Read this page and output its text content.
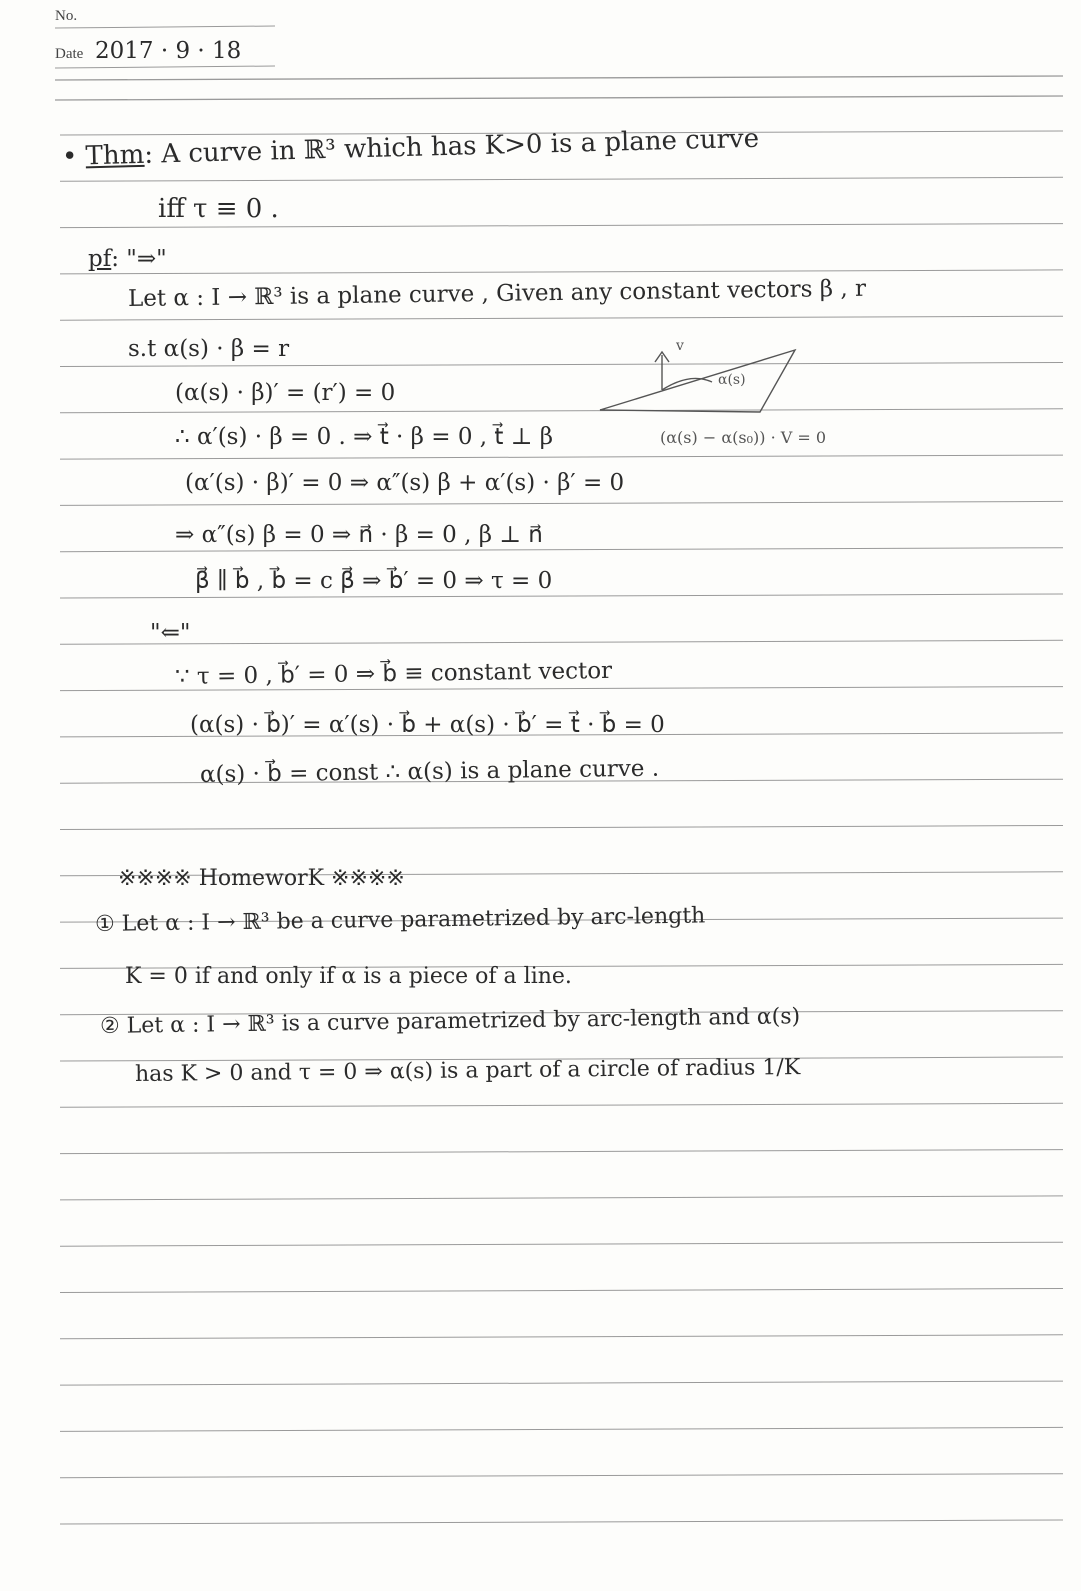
No.
Date 2017 · 9 · 18
• Thm: A curve in ℝ³ which has K>0 is a plane curve
iff τ ≡ 0 .
pf: "⇒"
Let α : I → ℝ³ is a plane curve , Given any constant vectors β , r
s.t α(s) · β = r
(α(s) · β)′ = (r′) = 0
∴ α′(s) · β = 0 . ⇒ t⃗ · β = 0 , t⃗ ⊥ β
(α′(s) · β)′ = 0 ⇒ α″(s) β + α′(s) · β′ = 0
⇒ α″(s) β = 0 ⇒ n⃗ · β = 0 , β ⊥ n⃗
β⃗ ∥ b⃗ , b⃗ = c β⃗ ⇒ b⃗′ = 0 ⇒ τ = 0
v
α(s)
(α(s) − α(s₀)) · V = 0
"⇐"
∵ τ = 0 , b⃗′ = 0 ⇒ b⃗ ≡ constant vector
(α(s) · b⃗)′ = α′(s) · b⃗ + α(s) · b⃗′ = t⃗ · b⃗ = 0
α(s) · b⃗ = const ∴ α(s) is a plane curve .
※※※※ HomeworK ※※※※
① Let α : I → ℝ³ be a curve parametrized by arc-length
K = 0 if and only if α is a piece of a line.
② Let α : I → ℝ³ is a curve parametrized by arc-length and α(s)
has K > 0 and τ = 0 ⇒ α(s) is a part of a circle of radius 1/K
